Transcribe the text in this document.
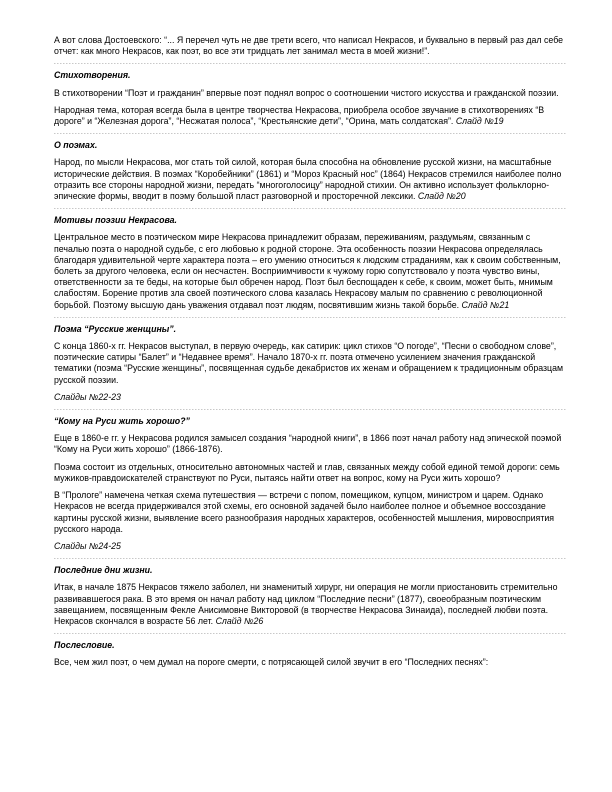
А вот слова Достоевского: “... Я перечел чуть не две трети всего, что написал Некрасов, и буквально в первый раз дал себе отчет: как много Некрасов, как поэт, во все эти тридцать лет занимал места в моей жизни!”.

Стихотворения.

В стихотворении “Поэт и гражданин” впервые поэт поднял вопрос о соотношении чистого искусства и гражданской поэзии.

Народная тема, которая всегда была в центре творчества Некрасова, приобрела особое звучание в стихотворениях “В дороге” и “Железная дорога”, “Несжатая полоса”, “Крестьянские дети”, “Орина, мать солдатская”. Слайд №19

О поэмах.

Народ, по мысли Некрасова, мог стать той силой, которая была способна на обновление русской жизни, на масштабные исторические действия. В поэмах “Коробейники” (1861) и “Мороз Красный нос” (1864) Некрасов стремился наиболее полно отразить все стороны народной жизни, передать “многоголосицу” народной стихии. Он активно использует фольклорно-эпические формы, вводит в поэму большой пласт разговорной и просторечной лексики. Слайд №20

Мотивы поэзии Некрасова.

Центральное место в поэтическом мире Некрасова принадлежит образам, переживаниям, раздумьям, связанным с печалью поэта о народной судьбе, с его любовью к родной стороне. Эта особенность поэзии Некрасова определялась благодаря удивительной черте характера поэта – его умению относиться к людским страданиям, как к своим собственным, болеть за другого человека, если он несчастен. Восприимчивости к чужому горю сопутствовало у поэта чувство вины, ответственности за те беды, на которые был обречен народ. Поэт был беспощаден к себе, к своим, может быть, мнимым слабостям. Борение против зла своей поэтического слова казалась Некрасову малым по сравнению с революционной борьбой. Поэтому высшую дань уважения отдавал поэт людям, посвятившим жизнь такой борьбе. Слайд №21

Поэма “Русские женщины”.

С конца 1860-х гг. Некрасов выступал, в первую очередь, как сатирик: цикл стихов “О погоде”, “Песни о свободном слове”, поэтические сатиры “Балет” и “Недавнее время”. Начало 1870-х гг. поэта отмечено усилением значения гражданской тематики (поэма “Русские женщины”, посвященная судьбе декабристов их женам и обращением к традиционным образцам русской поэзии.

Слайды №22-23

“Кому на Руси жить хорошо?”

Еще в 1860-е гг. у Некрасова родился замысел создания “народной книги”, в 1866 поэт начал работу над эпической поэмой “Кому на Руси жить хорошо” (1866-1876).

Поэма состоит из отдельных, относительно автономных частей и глав, связанных между собой единой темой дороги: семь мужиков-правдоискателей странствуют по Руси, пытаясь найти ответ на вопрос, кому на Руси жить хорошо?

В “Прологе” намечена четкая схема путешествия — встречи с попом, помещиком, купцом, министром и царем. Однако Некрасов не всегда придерживался этой схемы, его основной задачей было наиболее полное и объемное воссоздание картины русской жизни, выявление всего разнообразия народных характеров, особенностей мышления, мировосприятия русского народа.

Слайды №24-25

Последние дни жизни.

Итак, в начале 1875 Некрасов тяжело заболел, ни знаменитый хирург, ни операция не могли приостановить стремительно развивавшегося рака. В это время он начал работу над циклом “Последние песни” (1877), своеобразным поэтическим завещанием, посвященным Фекле Анисимовне Викторовой (в творчестве Некрасова Зинаида), последней любви поэта. Некрасов скончался в возрасте 56 лет. Слайд №26

Послесловие.

Все, чем жил поэт, о чем думал на пороге смерти, с потрясающей силой звучит в его “Последних песнях”:
